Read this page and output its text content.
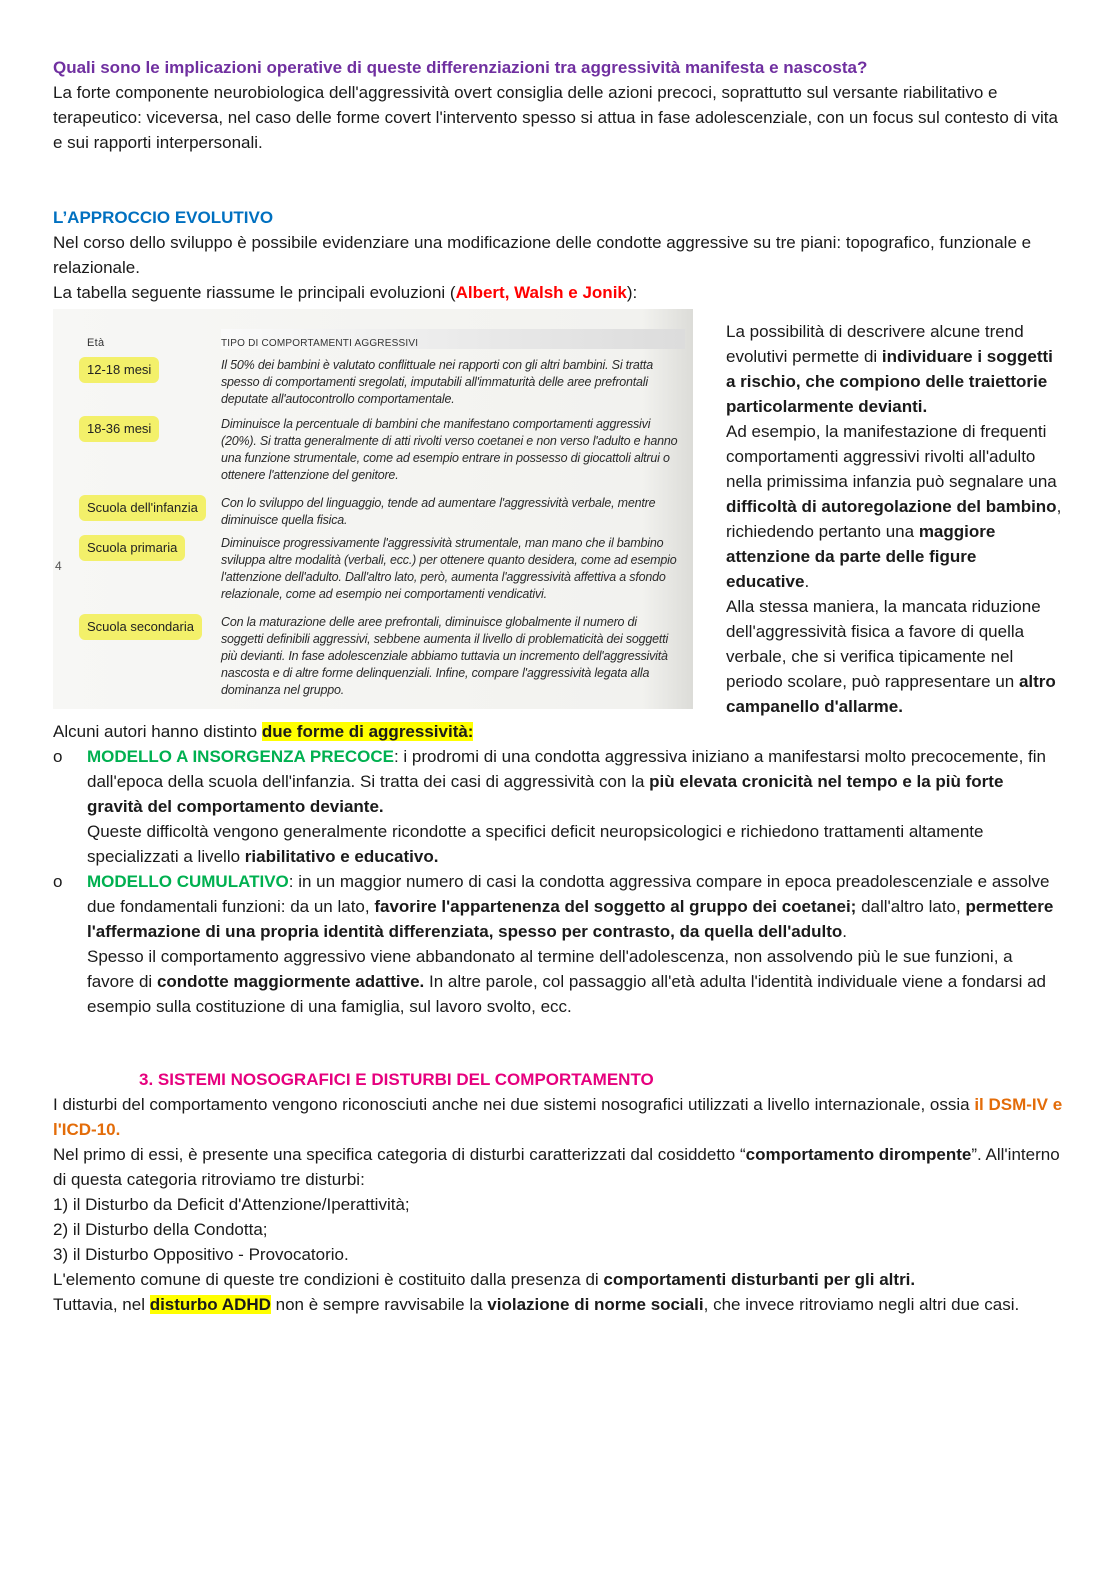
Quali sono le implicazioni operative di queste differenziazioni tra aggressività manifesta e nascosta?

La forte componente neurobiologica dell'aggressività overt consiglia delle azioni precoci, soprattutto sul versante riabilitativo e terapeutico: viceversa, nel caso delle forme covert l'intervento spesso si attua in fase adolescenziale, con un focus sul contesto di vita e sui rapporti interpersonali.

L’APPROCCIO EVOLUTIVO

Nel corso dello sviluppo è possibile evidenziare una modificazione delle condotte aggressive su tre piani: topografico, funzionale e relazionale.

La tabella seguente riassume le principali evoluzioni (Albert, Walsh e Jonik):

Età	TIPO DI COMPORTAMENTI AGGRESSIVI
4
12-18 mesi	Il 50% dei bambini è valutato conflittuale nei rapporti con gli altri bambini. Si tratta spesso di comportamenti sregolati, imputabili all'immaturità delle aree prefrontali deputate all'autocontrollo comportamentale.
18-36 mesi	Diminuisce la percentuale di bambini che manifestano comportamenti aggressivi (20%). Si tratta generalmente di atti rivolti verso coetanei e non verso l'adulto e hanno una funzione strumentale, come ad esempio entrare in possesso di giocattoli altrui o ottenere l'attenzione del genitore.
Scuola dell'infanzia	Con lo sviluppo del linguaggio, tende ad aumentare l'aggressività verbale, mentre diminuisce quella fisica.
Scuola primaria	Diminuisce progressivamente l'aggressività strumentale, man mano che il bambino sviluppa altre modalità (verbali, ecc.) per ottenere quanto desidera, come ad esempio l'attenzione dell'adulto. Dall'altro lato, però, aumenta l'aggressività affettiva a sfondo relazionale, come ad esempio nei comportamenti vendicativi.
Scuola secondaria	Con la maturazione delle aree prefrontali, diminuisce globalmente il numero di soggetti definibili aggressivi, sebbene aumenta il livello di problematicità dei soggetti più devianti. In fase adolescenziale abbiamo tuttavia un incremento dell'aggressività nascosta e di altre forme delinquenziali. Infine, compare l'aggressività legata alla dominanza nel gruppo.

La possibilità di descrivere alcune trend evolutivi permette di individuare i soggetti a rischio, che compiono delle traiettorie particolarmente devianti.

Ad esempio, la manifestazione di frequenti comportamenti aggressivi rivolti all'adulto nella primissima infanzia può segnalare una difficoltà di autoregolazione del bambino, richiedendo pertanto una maggiore attenzione da parte delle figure educative.

Alla stessa maniera, la mancata riduzione dell'aggressività fisica a favore di quella verbale, che si verifica tipicamente nel periodo scolare, può rappresentare un altro campanello d'allarme.

Alcuni autori hanno distinto due forme di aggressività:

o MODELLO A INSORGENZA PRECOCE: i prodromi di una condotta aggressiva iniziano a manifestarsi molto precocemente, fin dall'epoca della scuola dell'infanzia. Si tratta dei casi di aggressività con la più elevata cronicità nel tempo e la più forte gravità del comportamento deviante.

Queste difficoltà vengono generalmente ricondotte a specifici deficit neuropsicologici e richiedono trattamenti altamente specializzati a livello riabilitativo e educativo.

o MODELLO CUMULATIVO: in un maggior numero di casi la condotta aggressiva compare in epoca preadolescenziale e assolve due fondamentali funzioni: da un lato, favorire l'appartenenza del soggetto al gruppo dei coetanei; dall'altro lato, permettere l'affermazione di una propria identità differenziata, spesso per contrasto, da quella dell'adulto.

Spesso il comportamento aggressivo viene abbandonato al termine dell'adolescenza, non assolvendo più le sue funzioni, a favore di condotte maggiormente adattive. In altre parole, col passaggio all'età adulta l'identità individuale viene a fondarsi ad esempio sulla costituzione di una famiglia, sul lavoro svolto, ecc.

3. SISTEMI NOSOGRAFICI E DISTURBI DEL COMPORTAMENTO

I disturbi del comportamento vengono riconosciuti anche nei due sistemi nosografici utilizzati a livello internazionale, ossia il DSM-IV e l'ICD-10.

Nel primo di essi, è presente una specifica categoria di disturbi caratterizzati dal cosiddetto “comportamento dirompente”. All'interno di questa categoria ritroviamo tre disturbi:

1) il Disturbo da Deficit d'Attenzione/Iperattività;

2) il Disturbo della Condotta;

3) il Disturbo Oppositivo - Provocatorio.

L'elemento comune di queste tre condizioni è costituito dalla presenza di comportamenti disturbanti per gli altri.

Tuttavia, nel disturbo ADHD non è sempre ravvisabile la violazione di norme sociali, che invece ritroviamo negli altri due casi.
